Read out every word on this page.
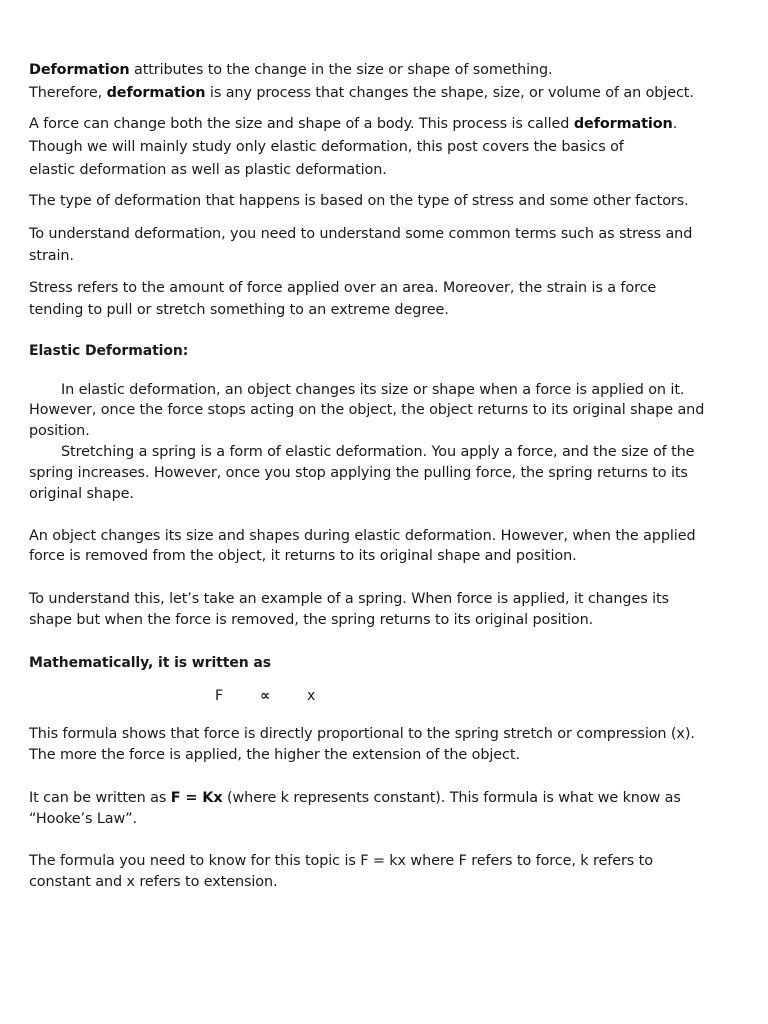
Deformation attributes to the change in the size or shape of something.
Therefore, deformation is any process that changes the shape, size, or volume of an object.
A force can change both the size and shape of a body. This process is called deformation.
Though we will mainly study only elastic deformation, this post covers the basics of
elastic deformation as well as plastic deformation.
The type of deformation that happens is based on the type of stress and some other factors.
To understand deformation, you need to understand some common terms such as stress and
strain.
Stress refers to the amount of force applied over an area. Moreover, the strain is a force
tending to pull or stretch something to an extreme degree.
Elastic Deformation:
In elastic deformation, an object changes its size or shape when a force is applied on it.
However, once the force stops acting on the object, the object returns to its original shape and
position.
Stretching a spring is a form of elastic deformation. You apply a force, and the size of the
spring increases. However, once you stop applying the pulling force, the spring returns to its
original shape.
An object changes its size and shapes during elastic deformation. However, when the applied
force is removed from the object, it returns to its original shape and position.
To understand this, let’s take an example of a spring. When force is applied, it changes its
shape but when the force is removed, the spring returns to its original position.
Mathematically, it is written as
F	∝	x
This formula shows that force is directly proportional to the spring stretch or compression (x).
The more the force is applied, the higher the extension of the object.
It can be written as F = Kx (where k represents constant). This formula is what we know as
“Hooke’s Law”.
The formula you need to know for this topic is F = kx where F refers to force, k refers to
constant and x refers to extension.
